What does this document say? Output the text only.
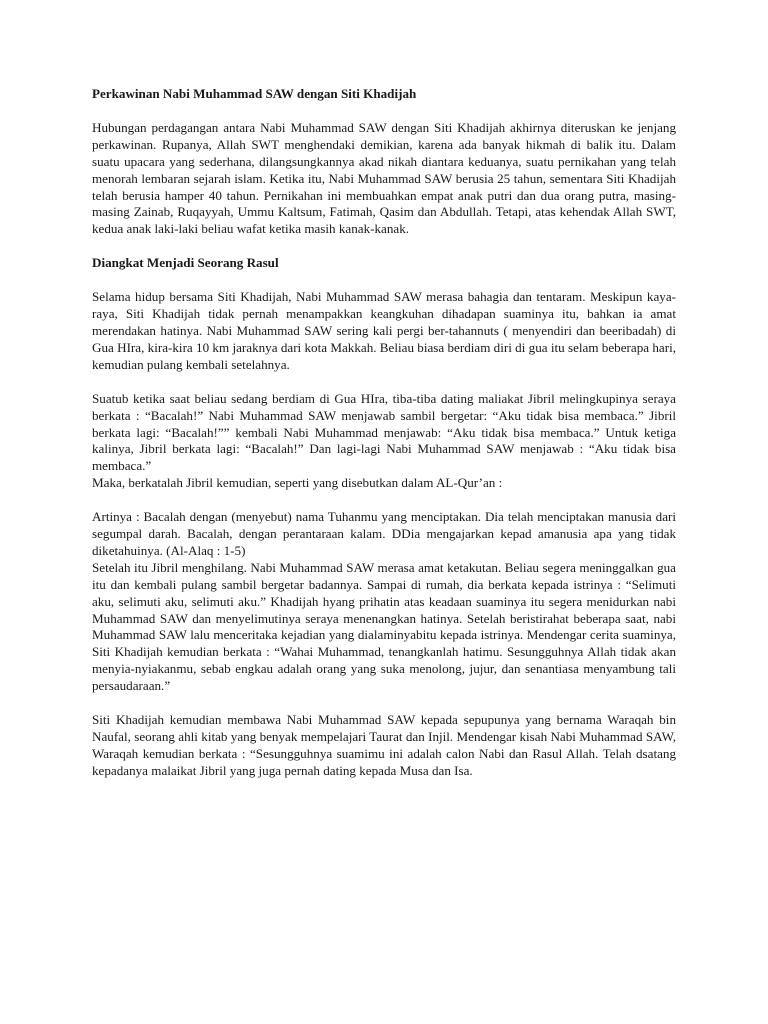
Perkawinan Nabi Muhammad SAW dengan Siti Khadijah

Hubungan perdagangan antara Nabi Muhammad SAW dengan Siti Khadijah akhirnya diteruskan ke jenjang perkawinan. Rupanya, Allah SWT menghendaki demikian, karena ada banyak hikmah di balik itu. Dalam suatu upacara yang sederhana, dilangsungkannya akad nikah diantara keduanya, suatu pernikahan yang telah menorah lembaran sejarah islam. Ketika itu, Nabi Muhammad SAW berusia 25 tahun, sementara Siti Khadijah telah berusia hamper 40 tahun. Pernikahan ini membuahkan empat anak putri dan dua orang putra, masing-masing Zainab, Ruqayyah, Ummu Kaltsum, Fatimah, Qasim dan Abdullah. Tetapi, atas kehendak Allah SWT, kedua anak laki-laki beliau wafat ketika masih kanak-kanak.

Diangkat Menjadi Seorang Rasul

Selama hidup bersama Siti Khadijah, Nabi Muhammad SAW merasa bahagia dan tentaram. Meskipun kaya-raya, Siti Khadijah tidak pernah menampakkan keangkuhan dihadapan suaminya itu, bahkan ia amat merendakan hatinya. Nabi Muhammad SAW sering kali pergi ber-tahannuts ( menyendiri dan beeribadah) di Gua HIra, kira-kira 10 km jaraknya dari kota Makkah. Beliau biasa berdiam diri di gua itu selam beberapa hari, kemudian pulang kembali setelahnya.

Suatub ketika saat beliau sedang berdiam di Gua HIra, tiba-tiba dating maliakat Jibril melingkupinya seraya berkata : “Bacalah!” Nabi Muhammad SAW menjawab sambil bergetar: “Aku tidak bisa membaca.” Jibril berkata lagi: “Bacalah!”” kembali Nabi Muhammad menjawab: “Aku tidak bisa membaca.” Untuk ketiga kalinya, Jibril berkata lagi: “Bacalah!” Dan lagi-lagi Nabi Muhammad SAW menjawab : “Aku tidak bisa membaca.”

Maka, berkatalah Jibril kemudian, seperti yang disebutkan dalam AL-Qur’an :

Artinya : Bacalah dengan (menyebut) nama Tuhanmu yang menciptakan. Dia telah menciptakan manusia dari segumpal darah. Bacalah, dengan perantaraan kalam. DDia mengajarkan kepad amanusia apa yang tidak diketahuinya. (Al-Alaq : 1-5)

Setelah itu Jibril menghilang. Nabi Muhammad SAW merasa amat ketakutan. Beliau segera meninggalkan gua itu dan kembali pulang sambil bergetar badannya. Sampai di rumah, dia berkata kepada istrinya : “Selimuti aku, selimuti aku, selimuti aku.” Khadijah hyang prihatin atas keadaan suaminya itu segera menidurkan nabi Muhammad SAW dan menyelimutinya seraya menenangkan hatinya. Setelah beristirahat beberapa saat, nabi Muhammad SAW lalu menceritaka kejadian yang dialaminyabitu kepada istrinya. Mendengar cerita suaminya, Siti Khadijah kemudian berkata : “Wahai Muhammad, tenangkanlah hatimu. Sesungguhnya Allah tidak akan menyia-nyiakanmu, sebab engkau adalah orang yang suka menolong, jujur, dan senantiasa menyambung tali persaudaraan.”

Siti Khadijah kemudian membawa Nabi Muhammad SAW kepada sepupunya yang bernama Waraqah bin Naufal, seorang ahli kitab yang benyak mempelajari Taurat dan Injil. Mendengar kisah Nabi Muhammad SAW, Waraqah kemudian berkata : “Sesungguhnya suamimu ini adalah calon Nabi dan Rasul Allah. Telah dsatang kepadanya malaikat Jibril yang juga pernah dating kepada Musa dan Isa.
